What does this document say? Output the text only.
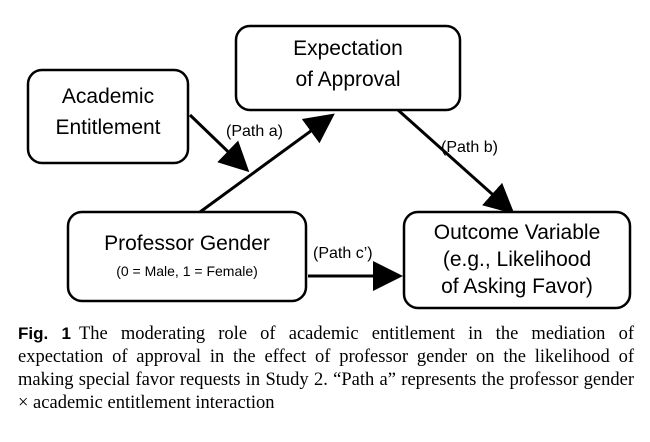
Expectation
of Approval
Academic
Entitlement
Professor Gender
(0 = Male, 1 = Female)
Outcome Variable
(e.g., Likelihood
of Asking Favor)
(Path a)
(Path b)
(Path c’)
Fig. 1 The moderating role of academic entitlement in the mediation of expectation of approval in the effect of professor gender on the likelihood of making special favor requests in Study 2. “Path a” represents the professor gender × academic entitlement interaction
